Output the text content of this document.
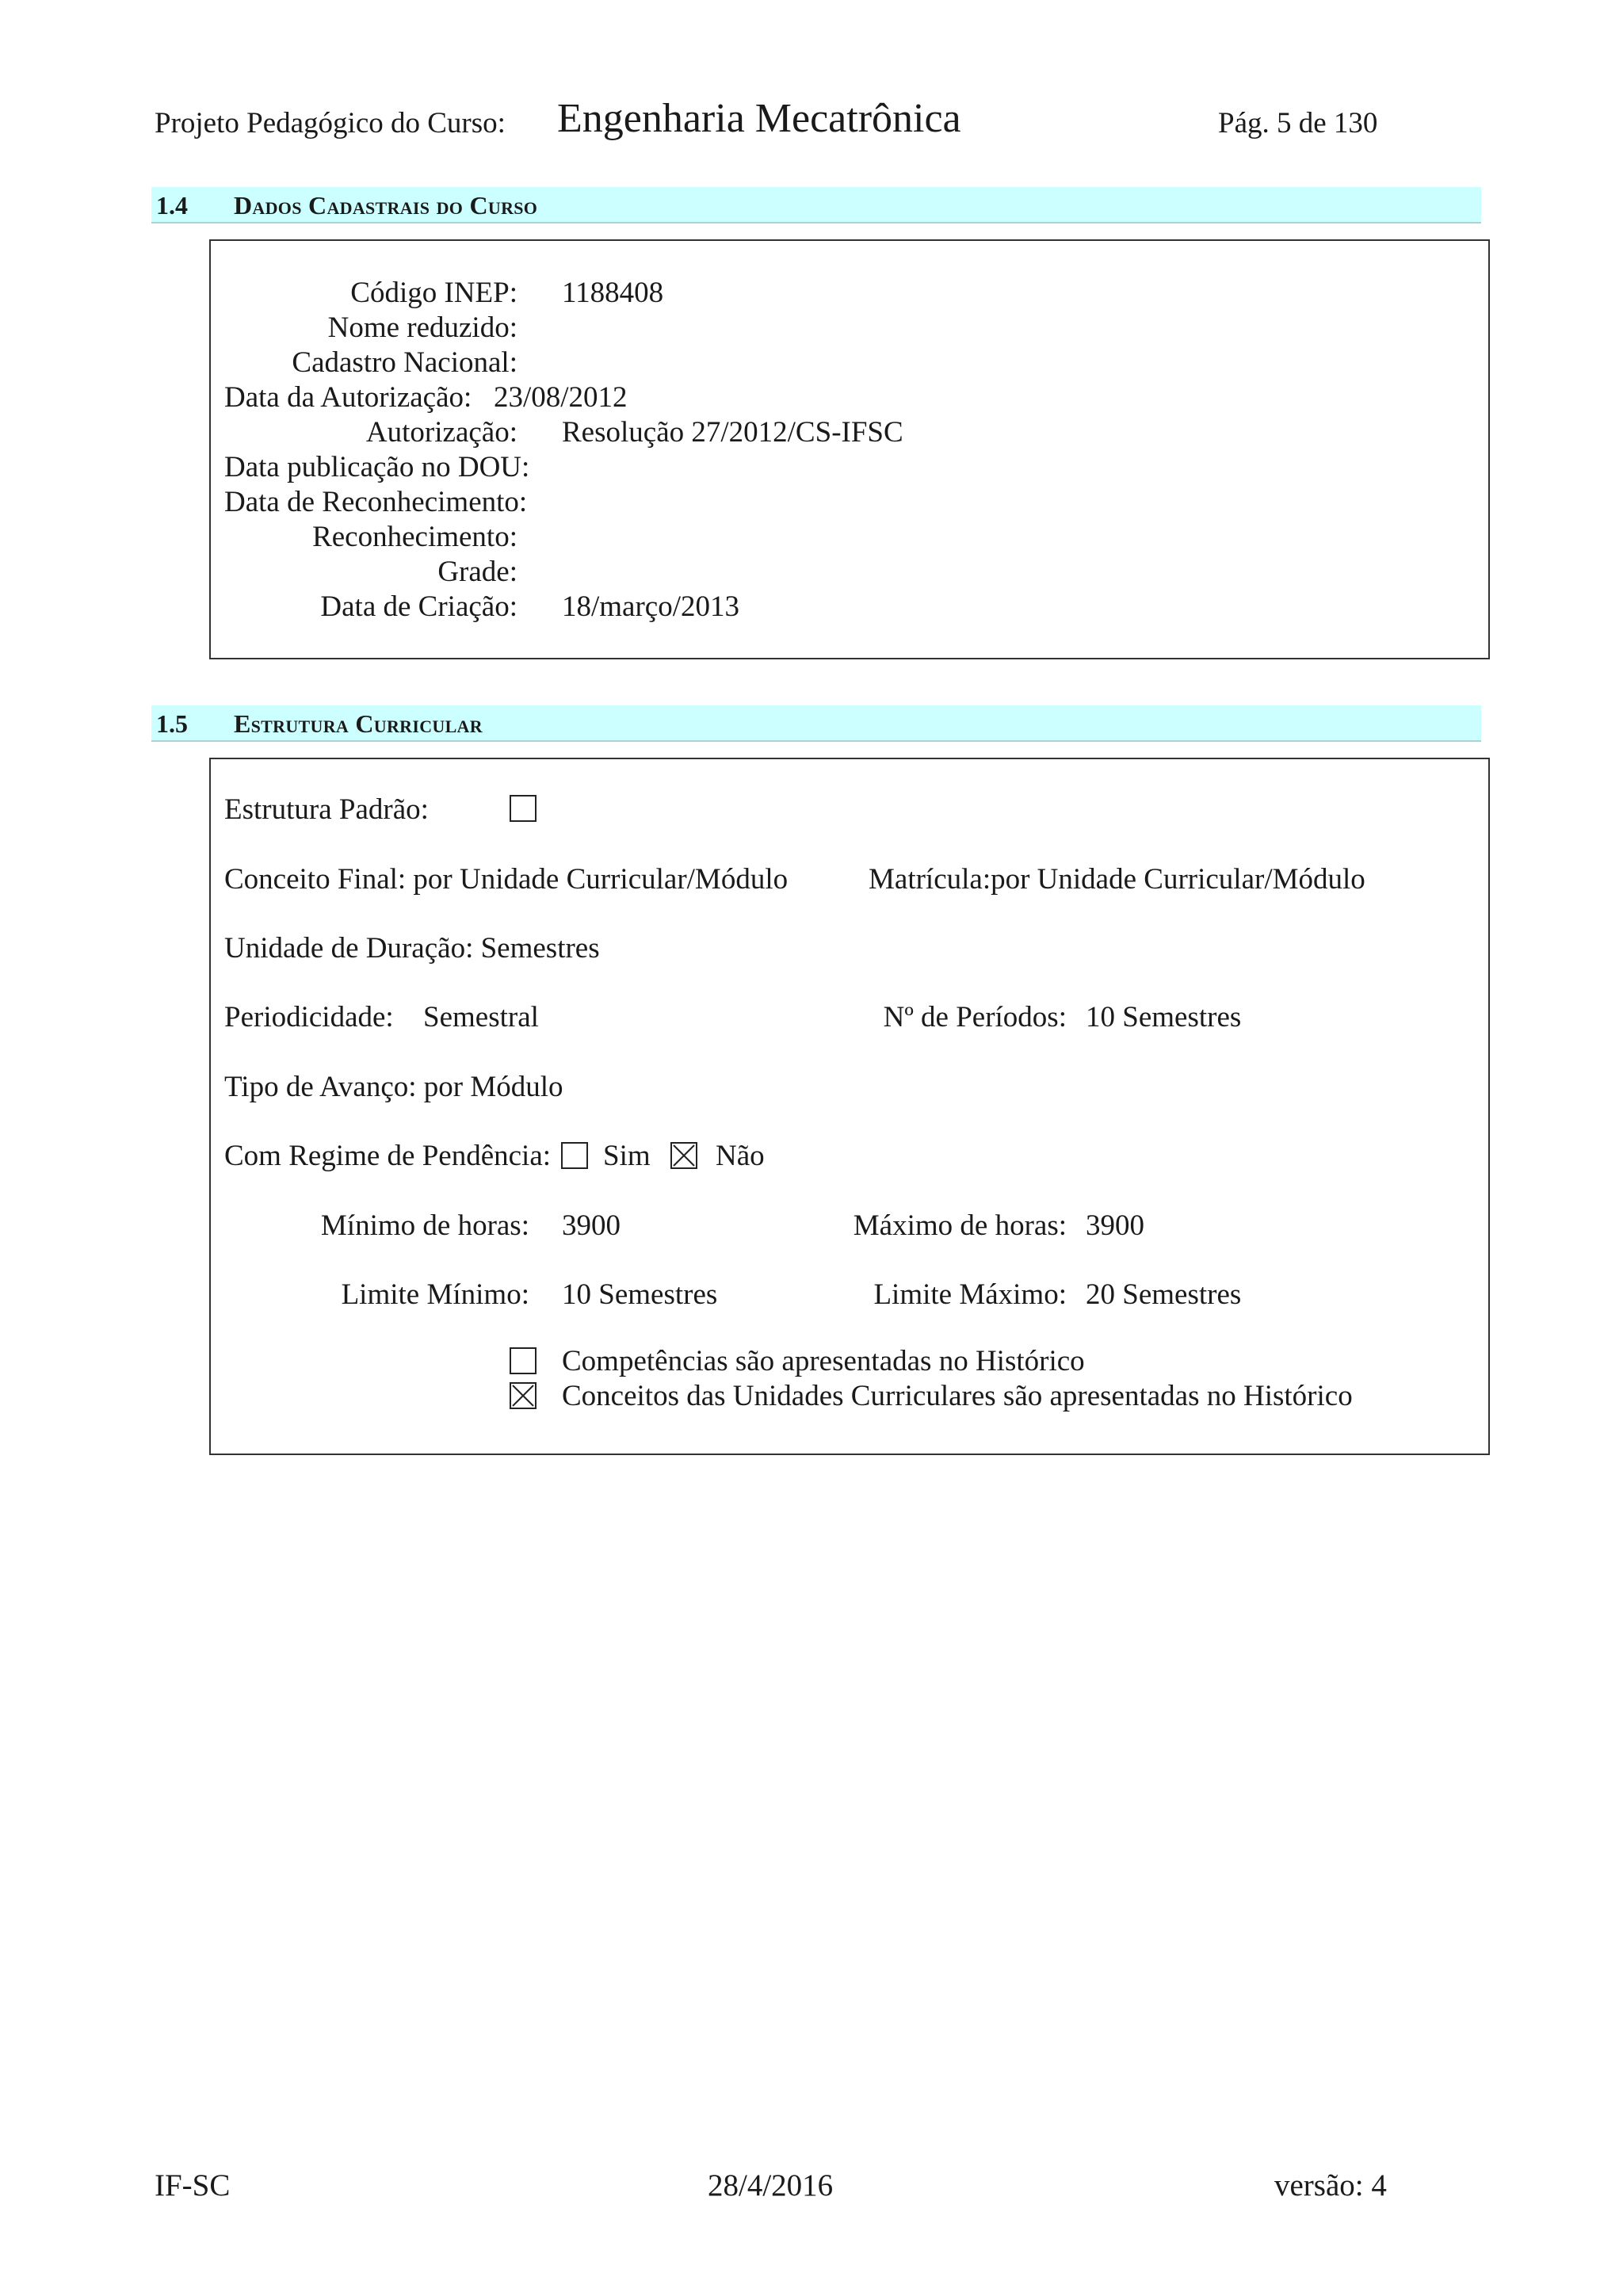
Projeto Pedagógico do Curso: Engenharia Mecatrônica	Pág. 5 de 130
1.4 Dados Cadastrais do Curso
Código INEP: 1188408
Nome reduzido:
Cadastro Nacional:
Data da Autorização: 23/08/2012
Autorização: Resolução 27/2012/CS-IFSC
Data publicação no DOU:
Data de Reconhecimento:
Reconhecimento:
Grade:
Data de Criação: 18/março/2013
1.5 Estrutura Curricular
Estrutura Padrão:
Conceito Final: por Unidade Curricular/Módulo	Matrícula:por Unidade Curricular/Módulo
Unidade de Duração: Semestres
Periodicidade: Semestral	Nº de Períodos: 10 Semestres
Tipo de Avanço: por Módulo
Com Regime de Pendência: Sim Não
Mínimo de horas: 3900	Máximo de horas: 3900
Limite Mínimo: 10 Semestres	Limite Máximo: 20 Semestres
Competências são apresentadas no Histórico
Conceitos das Unidades Curriculares são apresentadas no Histórico
IF-SC	28/4/2016	versão: 4
